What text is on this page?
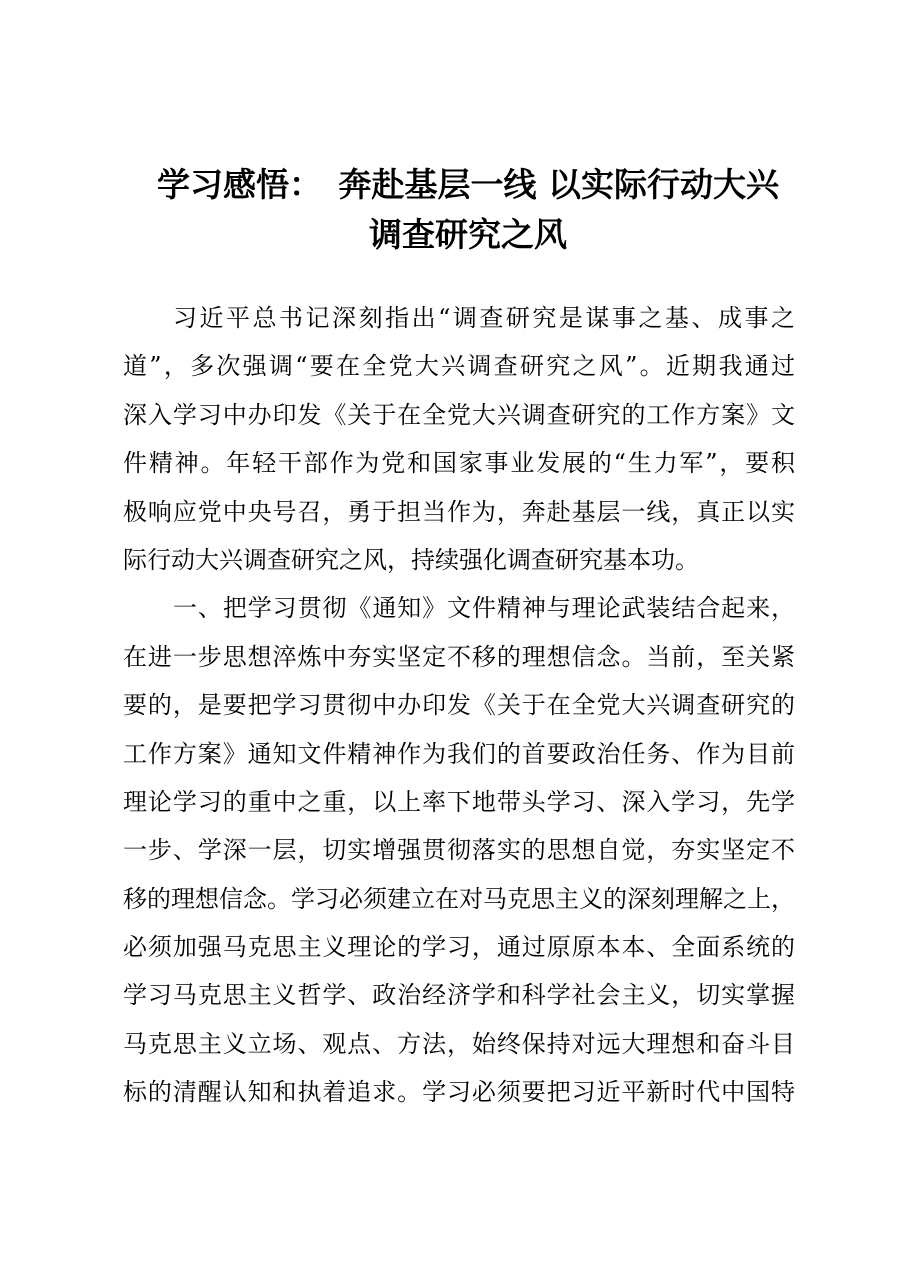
学习感悟：　奔赴基层一线 以实际行动大兴
调查研究之风
习近平总书记深刻指出“调查研究是谋事之基、成事之
道”，多次强调“要在全党大兴调查研究之风”。近期我通过
深入学习中办印发《关于在全党大兴调查研究的工作方案》文
件精神。年轻干部作为党和国家事业发展的“生力军”，要积
极响应党中央号召，勇于担当作为，奔赴基层一线，真正以实
际行动大兴调查研究之风，持续强化调查研究基本功。
一、把学习贯彻《通知》文件精神与理论武装结合起来，
在进一步思想淬炼中夯实坚定不移的理想信念。当前，至关紧
要的，是要把学习贯彻中办印发《关于在全党大兴调查研究的
工作方案》通知文件精神作为我们的首要政治任务、作为目前
理论学习的重中之重，以上率下地带头学习、深入学习，先学
一步、学深一层，切实增强贯彻落实的思想自觉，夯实坚定不
移的理想信念。学习必须建立在对马克思主义的深刻理解之上，
必须加强马克思主义理论的学习，通过原原本本、全面系统的
学习马克思主义哲学、政治经济学和科学社会主义，切实掌握
马克思主义立场、观点、方法，始终保持对远大理想和奋斗目
标的清醒认知和执着追求。学习必须要把习近平新时代中国特
